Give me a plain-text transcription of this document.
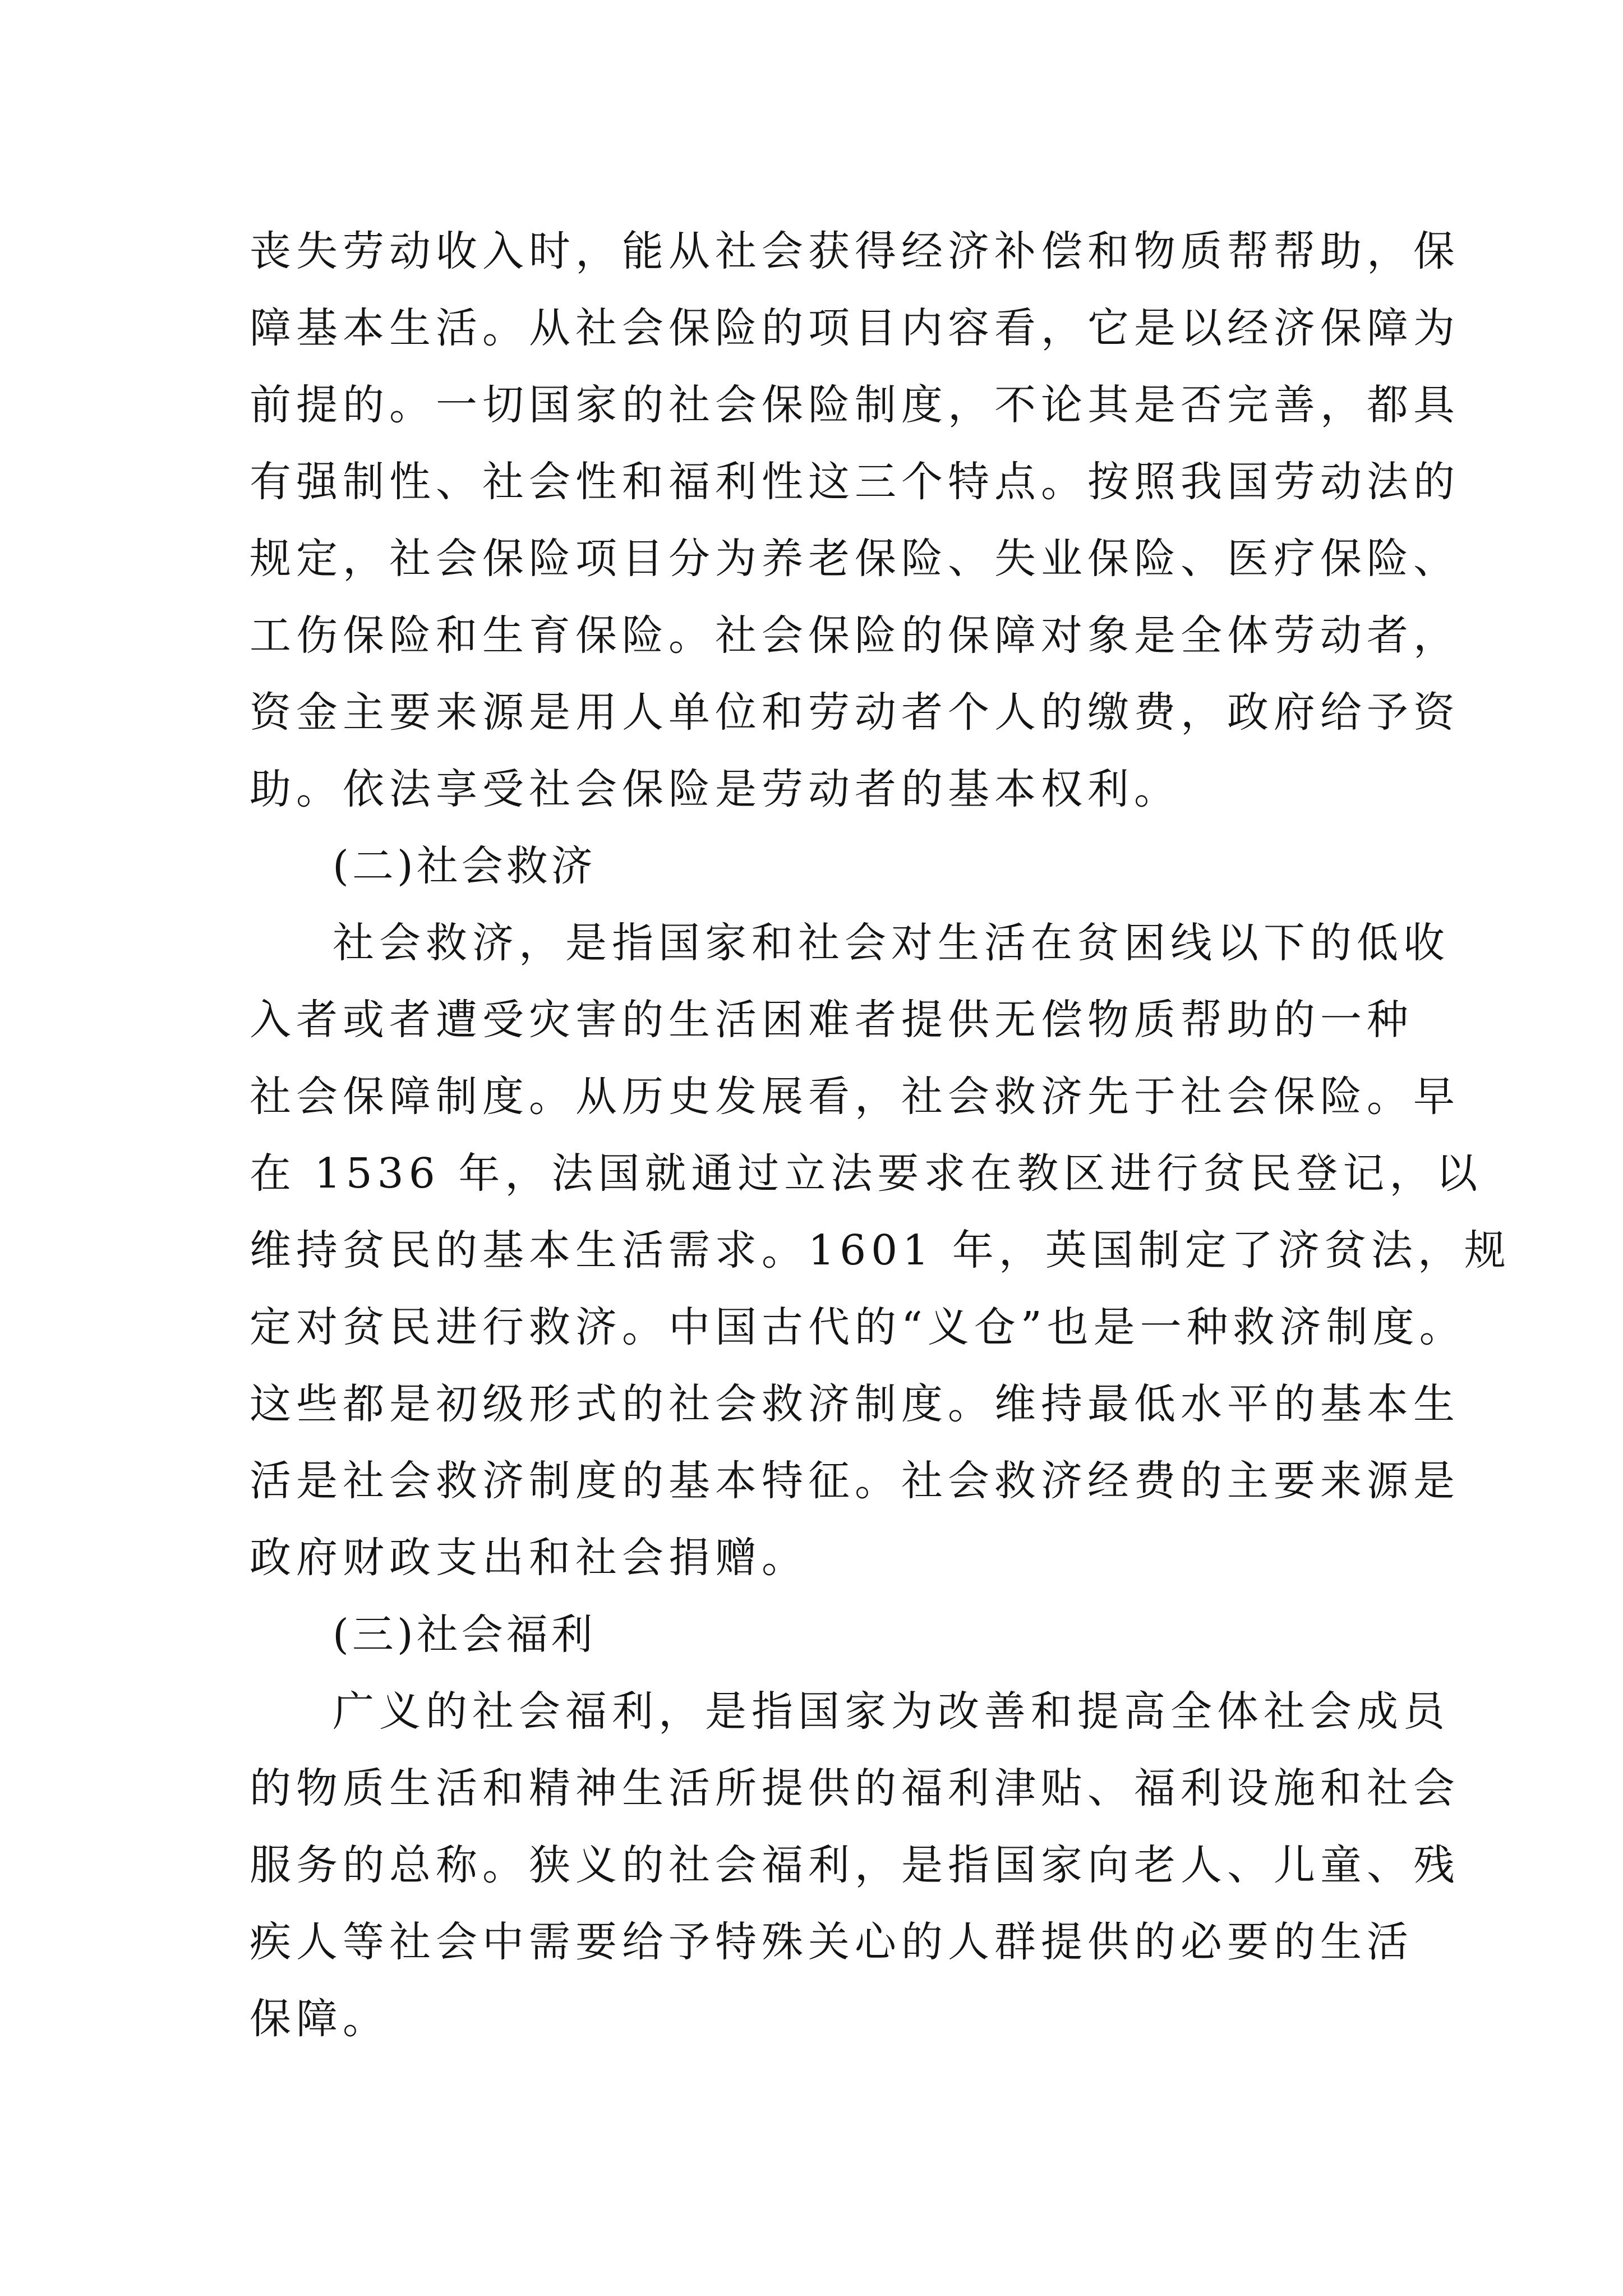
丧失劳动收入时，能从社会获得经济补偿和物质帮帮助，保
障基本生活。从社会保险的项目内容看，它是以经济保障为
前提的。一切国家的社会保险制度，不论其是否完善，都具
有强制性、社会性和福利性这三个特点。按照我国劳动法的
规定，社会保险项目分为养老保险、失业保险、医疗保险、
工伤保险和生育保险。社会保险的保障对象是全体劳动者，
资金主要来源是用人单位和劳动者个人的缴费，政府给予资
助。依法享受社会保险是劳动者的基本权利。
(二)社会救济
社会救济，是指国家和社会对生活在贫困线以下的低收
入者或者遭受灾害的生活困难者提供无偿物质帮助的一种
社会保障制度。从历史发展看，社会救济先于社会保险。早
在 1536 年，法国就通过立法要求在教区进行贫民登记，以
维持贫民的基本生活需求。1601 年，英国制定了济贫法，规
定对贫民进行救济。中国古代的“义仓”也是一种救济制度。
这些都是初级形式的社会救济制度。维持最低水平的基本生
活是社会救济制度的基本特征。社会救济经费的主要来源是
政府财政支出和社会捐赠。
(三)社会福利
广义的社会福利，是指国家为改善和提高全体社会成员
的物质生活和精神生活所提供的福利津贴、福利设施和社会
服务的总称。狭义的社会福利，是指国家向老人、儿童、残
疾人等社会中需要给予特殊关心的人群提供的必要的生活
保障。
